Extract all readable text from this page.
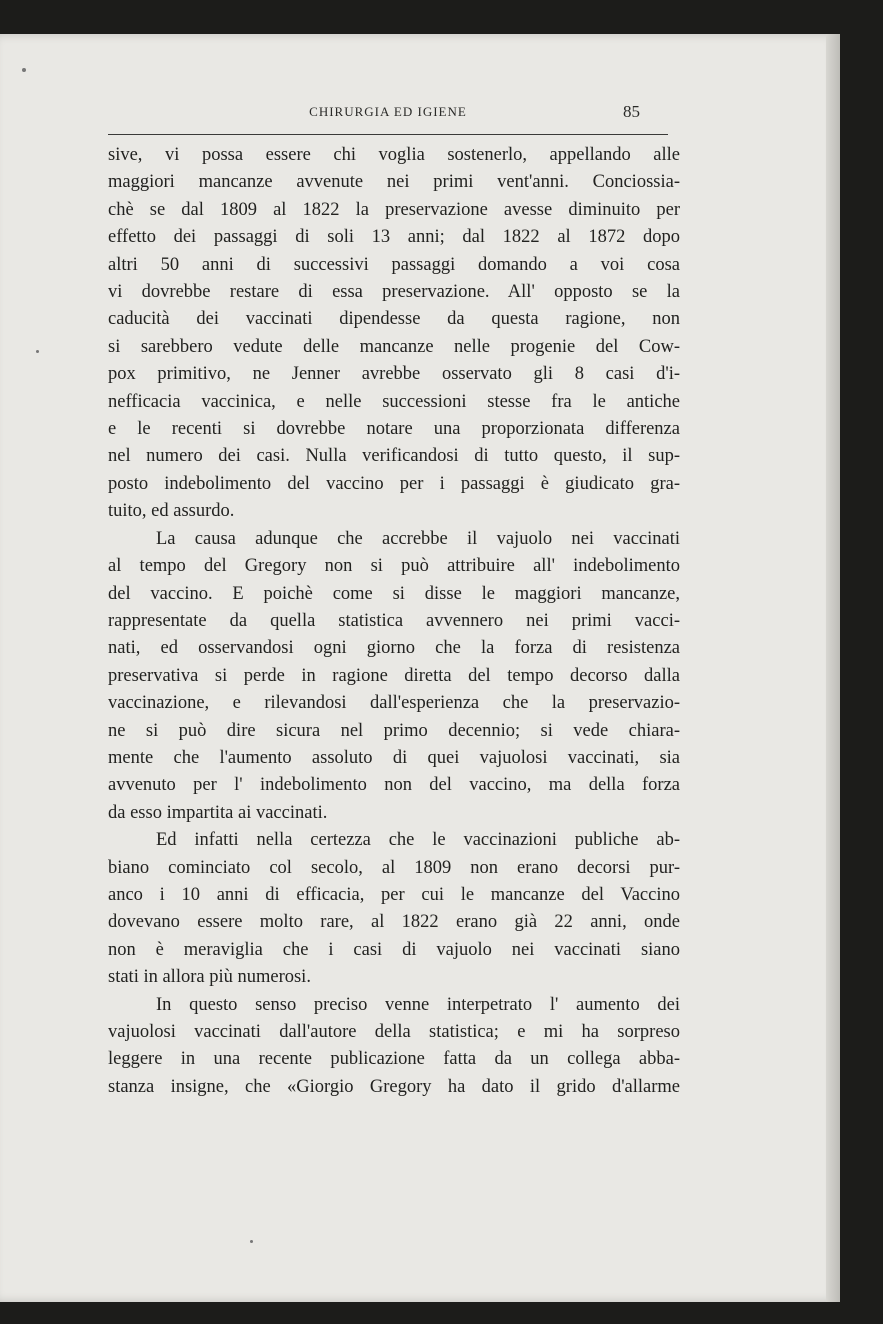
CHIRURGIA ED IGIENE	85
sive, vi possa essere chi voglia sostenerlo, appellando alle
maggiori mancanze avvenute nei primi vent'anni. Conciossia-
chè se dal 1809 al 1822 la preservazione avesse diminuito per
effetto dei passaggi di soli 13 anni; dal 1822 al 1872 dopo
altri 50 anni di successivi passaggi domando a voi cosa
vi dovrebbe restare di essa preservazione. All' opposto se la
caducità dei vaccinati dipendesse da questa ragione, non
si sarebbero vedute delle mancanze nelle progenie del Cow-
pox primitivo, ne Jenner avrebbe osservato gli 8 casi d'i-
nefficacia vaccinica, e nelle successioni stesse fra le antiche
e le recenti si dovrebbe notare una proporzionata differenza
nel numero dei casi. Nulla verificandosi di tutto questo, il sup-
posto indebolimento del vaccino per i passaggi è giudicato gra-
tuito, ed assurdo.
La causa adunque che accrebbe il vajuolo nei vaccinati
al tempo del Gregory non si può attribuire all' indebolimento
del vaccino. E poichè come si disse le maggiori mancanze,
rappresentate da quella statistica avvennero nei primi vacci-
nati, ed osservandosi ogni giorno che la forza di resistenza
preservativa si perde in ragione diretta del tempo decorso dalla
vaccinazione, e rilevandosi dall'esperienza che la preservazio-
ne si può dire sicura nel primo decennio; si vede chiara-
mente che l'aumento assoluto di quei vajuolosi vaccinati, sia
avvenuto per l' indebolimento non del vaccino, ma della forza
da esso impartita ai vaccinati.
Ed infatti nella certezza che le vaccinazioni publiche ab-
biano cominciato col secolo, al 1809 non erano decorsi pur-
anco i 10 anni di efficacia, per cui le mancanze del Vaccino
dovevano essere molto rare, al 1822 erano già 22 anni, onde
non è meraviglia che i casi di vajuolo nei vaccinati siano
stati in allora più numerosi.
In questo senso preciso venne interpetrato l' aumento dei
vajuolosi vaccinati dall'autore della statistica; e mi ha sorpreso
leggere in una recente publicazione fatta da un collega abba-
stanza insigne, che «Giorgio Gregory ha dato il grido d'allarme
